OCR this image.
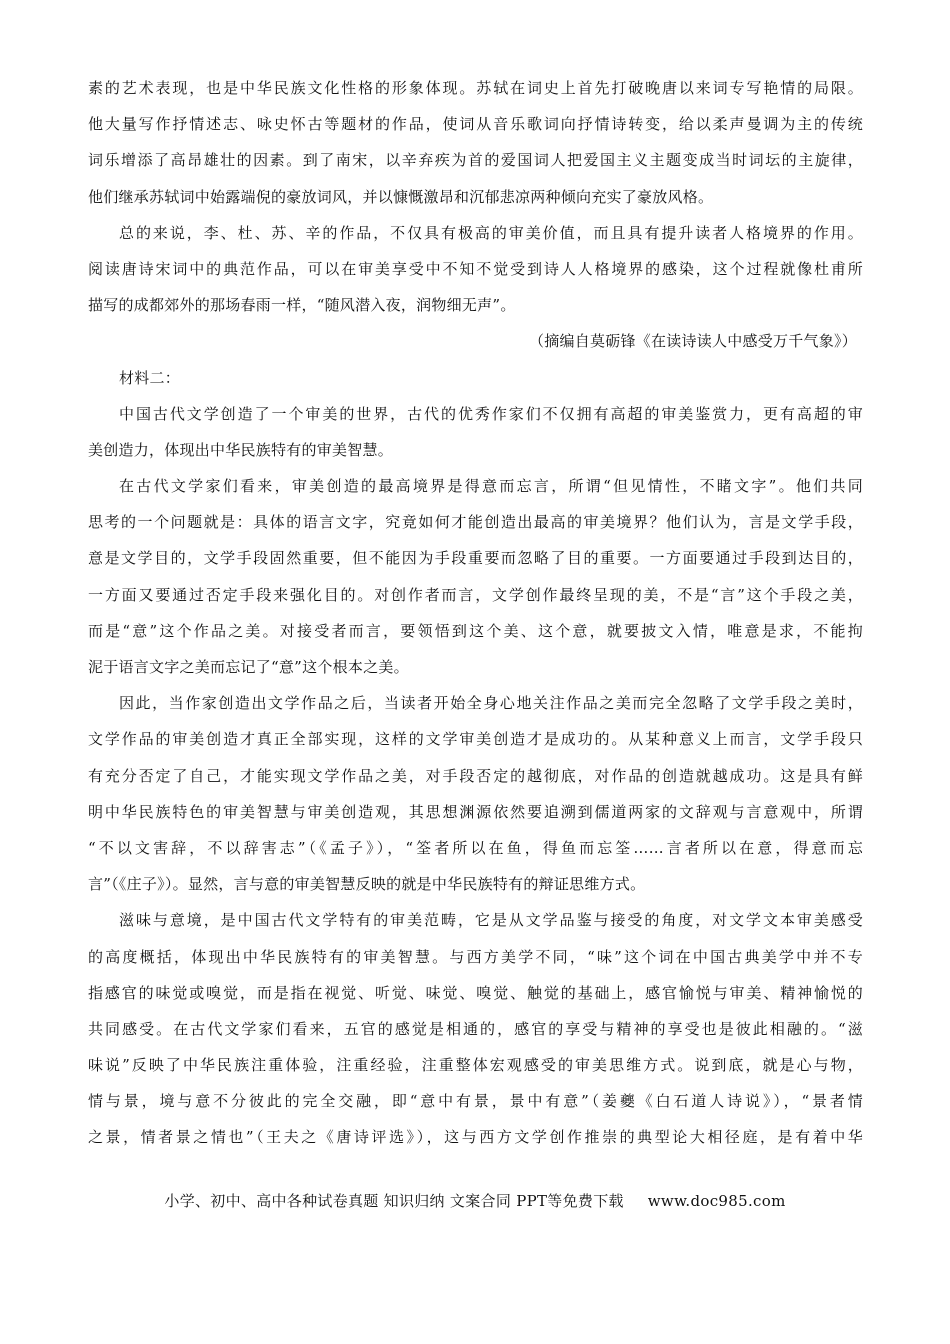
素的艺术表现，也是中华民族文化性格的形象体现。苏轼在词史上首先打破晚唐以来词专写艳情的局限。
他大量写作抒情述志、咏史怀古等题材的作品，使词从音乐歌词向抒情诗转变，给以柔声曼调为主的传统
词乐增添了高昂雄壮的因素。到了南宋，以辛弃疾为首的爱国词人把爱国主义主题变成当时词坛的主旋律，
他们继承苏轼词中始露端倪的豪放词风，并以慷慨激昂和沉郁悲凉两种倾向充实了豪放风格。
总的来说，李、杜、苏、辛的作品，不仅具有极高的审美价值，而且具有提升读者人格境界的作用。
阅读唐诗宋词中的典范作品，可以在审美享受中不知不觉受到诗人人格境界的感染，这个过程就像杜甫所
描写的成都郊外的那场春雨一样，“随风潜入夜，润物细无声”。
（摘编自莫砺锋《在读诗读人中感受万千气象》）
材料二：
中国古代文学创造了一个审美的世界，古代的优秀作家们不仅拥有高超的审美鉴赏力，更有高超的审
美创造力，体现出中华民族特有的审美智慧。
在古代文学家们看来，审美创造的最高境界是得意而忘言，所谓“但见情性，不睹文字”。他们共同
思考的一个问题就是：具体的语言文字，究竟如何才能创造出最高的审美境界？他们认为，言是文学手段，
意是文学目的，文学手段固然重要，但不能因为手段重要而忽略了目的重要。一方面要通过手段到达目的，
一方面又要通过否定手段来强化目的。对创作者而言，文学创作最终呈现的美，不是“言”这个手段之美，
而是“意”这个作品之美。对接受者而言，要领悟到这个美、这个意，就要披文入情，唯意是求，不能拘
泥于语言文字之美而忘记了“意”这个根本之美。
因此，当作家创造出文学作品之后，当读者开始全身心地关注作品之美而完全忽略了文学手段之美时，
文学作品的审美创造才真正全部实现，这样的文学审美创造才是成功的。从某种意义上而言，文学手段只
有充分否定了自己，才能实现文学作品之美，对手段否定的越彻底，对作品的创造就越成功。这是具有鲜
明中华民族特色的审美智慧与审美创造观，其思想渊源依然要追溯到儒道两家的文辞观与言意观中，所谓
“不以文害辞，不以辞害志”（《孟子》），“筌者所以在鱼，得鱼而忘筌……言者所以在意，得意而忘
言”（《庄子》）。显然，言与意的审美智慧反映的就是中华民族特有的辩证思维方式。
滋味与意境，是中国古代文学特有的审美范畴，它是从文学品鉴与接受的角度，对文学文本审美感受
的高度概括，体现出中华民族特有的审美智慧。与西方美学不同，“味”这个词在中国古典美学中并不专
指感官的味觉或嗅觉，而是指在视觉、听觉、味觉、嗅觉、触觉的基础上，感官愉悦与审美、精神愉悦的
共同感受。在古代文学家们看来，五官的感觉是相通的，感官的享受与精神的享受也是彼此相融的。“滋
味说”反映了中华民族注重体验，注重经验，注重整体宏观感受的审美思维方式。说到底，就是心与物，
情与景，境与意不分彼此的完全交融，即“意中有景，景中有意”（姜夔《白石道人诗说》），“景者情
之景，情者景之情也”（王夫之《唐诗评选》），这与西方文学创作推崇的典型论大相径庭，是有着中华
小学、初中、高中各种试卷真题 知识归纳 文案合同 PPT等免费下载 www.doc985.com
